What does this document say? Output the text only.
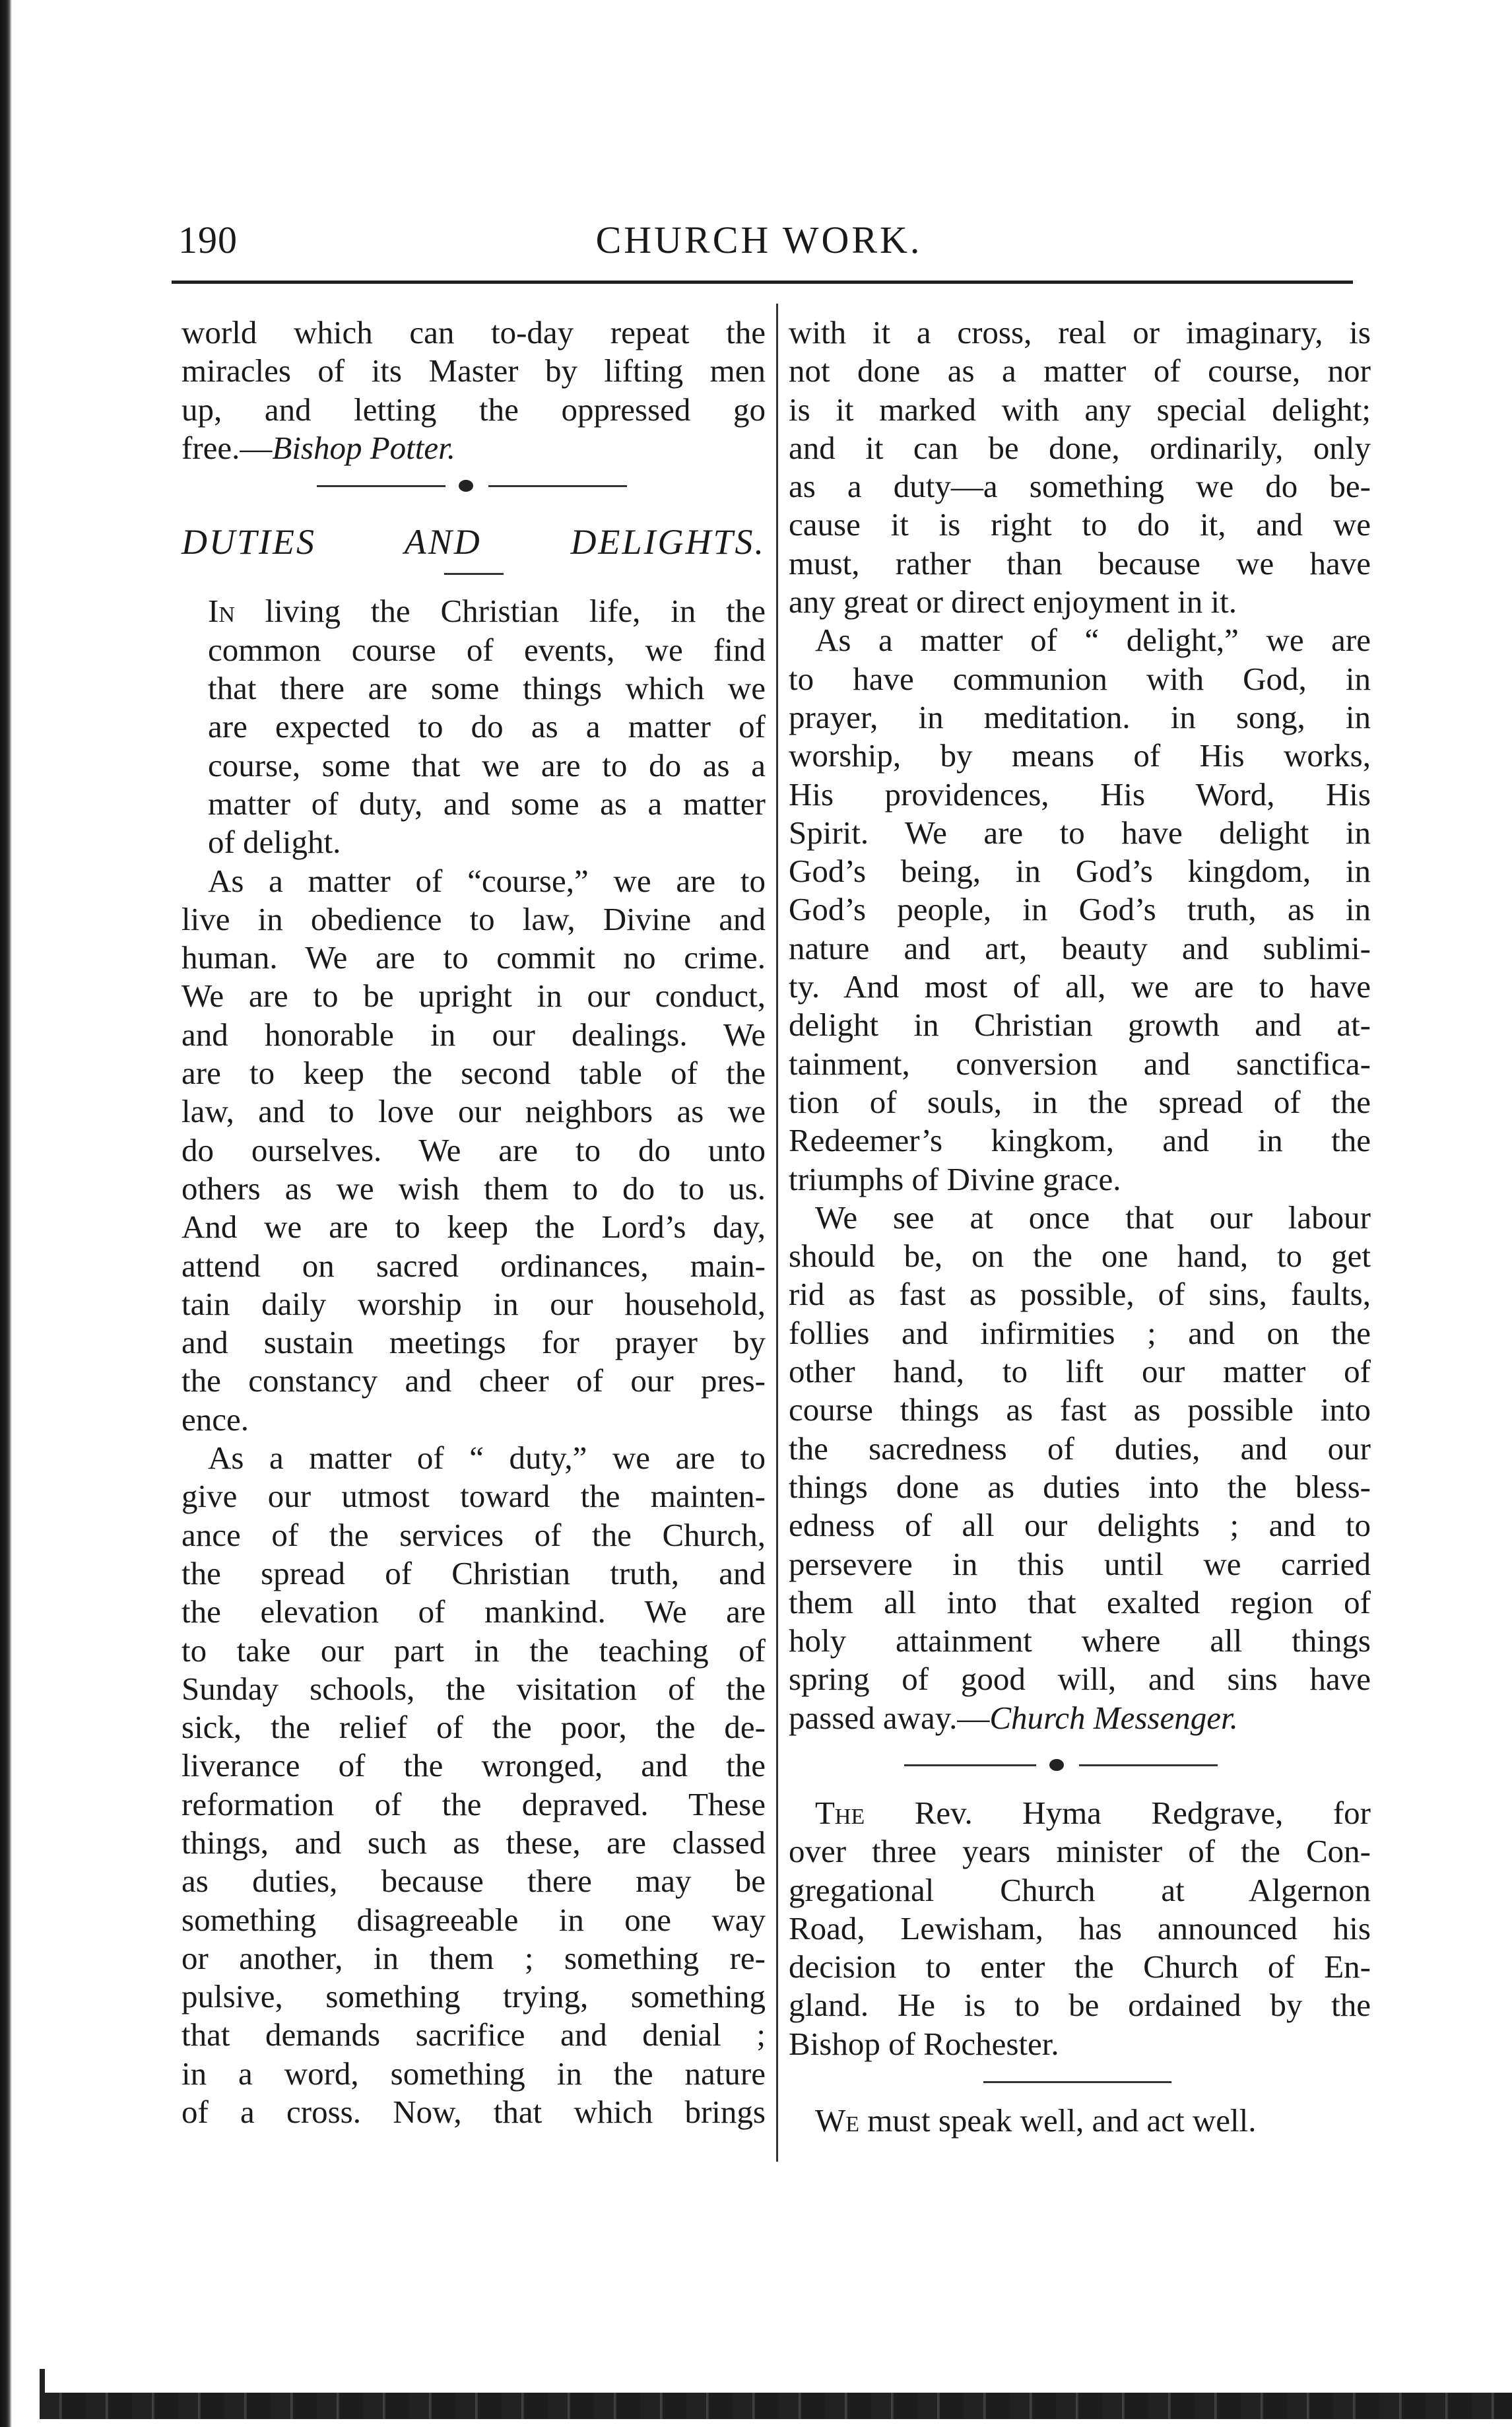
190	CHURCH WORK.

world which can to-day repeat the
miracles of its Master by lifting men
up, and letting the oppressed go
free.—Bishop Potter.

DUTIES AND DELIGHTS.

In living the Christian life, in the
common course of events, we find
that there are some things which we
are expected to do as a matter of
course, some that we are to do as a
matter of duty, and some as a matter
of delight.

As a matter of “course,” we are to

live in obedience to law, Divine and
human. We are to commit no crime.
We are to be upright in our conduct,
and honorable in our dealings. We
are to keep the second table of the
law, and to love our neighbors as we
do ourselves. We are to do unto
others as we wish them to do to us.
And we are to keep the Lord’s day,
attend on sacred ordinances, main-
tain daily worship in our household,
and sustain meetings for prayer by
the constancy and cheer of our pres-
ence.

As a matter of “ duty,” we are to

give our utmost toward the mainten-
ance of the services of the Church,
the spread of Christian truth, and
the elevation of mankind. We are
to take our part in the teaching of
Sunday schools, the visitation of the
sick, the relief of the poor, the de-
liverance of the wronged, and the
reformation of the depraved. These
things, and such as these, are classed
as duties, because there may be
something disagreeable in one way
or another, in them ; something re-
pulsive, something trying, something
that demands sacrifice and denial ;
in a word, something in the nature
of a cross. Now, that which brings

with it a cross, real or imaginary, is
not done as a matter of course, nor
is it marked with any special delight;
and it can be done, ordinarily, only
as a duty—a something we do be-
cause it is right to do it, and we
must, rather than because we have
any great or direct enjoyment in it.

As a matter of “ delight,” we are

to have communion with God, in
prayer, in meditation. in song, in
worship, by means of His works,
His providences, His Word, His
Spirit. We are to have delight in
God’s being, in God’s kingdom, in
God’s people, in God’s truth, as in
nature and art, beauty and sublimi-
ty. And most of all, we are to have
delight in Christian growth and at-
tainment, conversion and sanctifica-
tion of souls, in the spread of the
Redeemer’s kingkom, and in the
triumphs of Divine grace.

We see at once that our labour

should be, on the one hand, to get
rid as fast as possible, of sins, faults,
follies and infirmities ; and on the
other hand, to lift our matter of
course things as fast as possible into
the sacredness of duties, and our
things done as duties into the bless-
edness of all our delights ; and to
persevere in this until we carried
them all into that exalted region of
holy attainment where all things
spring of good will, and sins have
passed away.—Church Messenger.

The Rev. Hyma Redgrave, for

over three years minister of the Con-
gregational Church at Algernon
Road, Lewisham, has announced his
decision to enter the Church of En-
gland. He is to be ordained by the
Bishop of Rochester.

We must speak well, and act well.
